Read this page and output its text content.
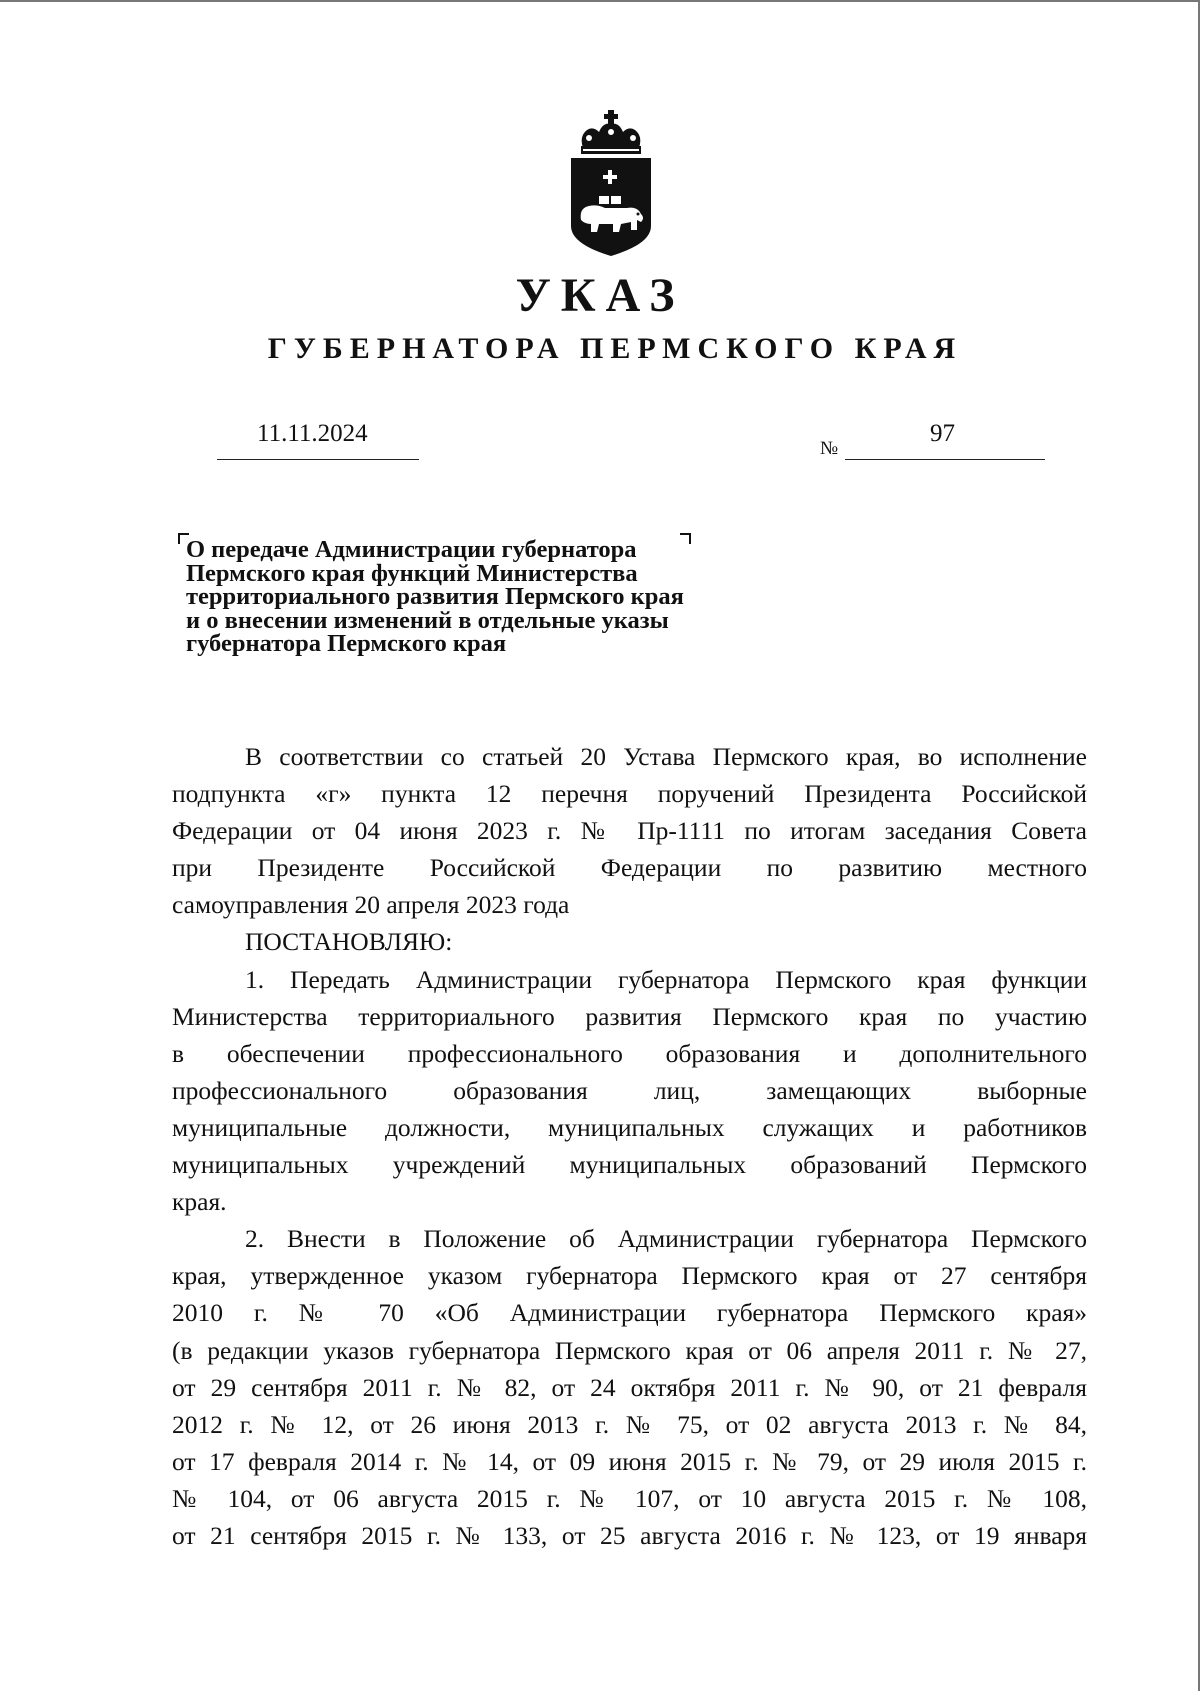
УКАЗ
ГУБЕРНАТОРА ПЕРМСКОГО КРАЯ
11.11.2024
№
97
О передаче Администрации губернатора
Пермского края функций Министерства
территориального развития Пермского края
и о внесении изменений в отдельные указы
губернатора Пермского края
В соответствии со статьей 20 Устава Пермского края, во исполнение
подпункта «г» пункта 12 перечня поручений Президента Российской
Федерации от 04 июня 2023 г. № Пр-1111 по итогам заседания Совета
при Президенте Российской Федерации по развитию местного
самоуправления 20 апреля 2023 года
ПОСТАНОВЛЯЮ:
1. Передать Администрации губернатора Пермского края функции
Министерства территориального развития Пермского края по участию
в обеспечении профессионального образования и дополнительного
профессионального образования лиц, замещающих выборные
муниципальные должности, муниципальных служащих и работников
муниципальных учреждений муниципальных образований Пермского
края.
2. Внести в Положение об Администрации губернатора Пермского
края, утвержденное указом губернатора Пермского края от 27 сентября
2010 г. № 70 «Об Администрации губернатора Пермского края»
(в редакции указов губернатора Пермского края от 06 апреля 2011 г. № 27,
от 29 сентября 2011 г. № 82, от 24 октября 2011 г. № 90, от 21 февраля
2012 г. № 12, от 26 июня 2013 г. № 75, от 02 августа 2013 г. № 84,
от 17 февраля 2014 г. № 14, от 09 июня 2015 г. № 79, от 29 июля 2015 г.
№ 104, от 06 августа 2015 г. № 107, от 10 августа 2015 г. № 108,
от 21 сентября 2015 г. № 133, от 25 августа 2016 г. № 123, от 19 января
